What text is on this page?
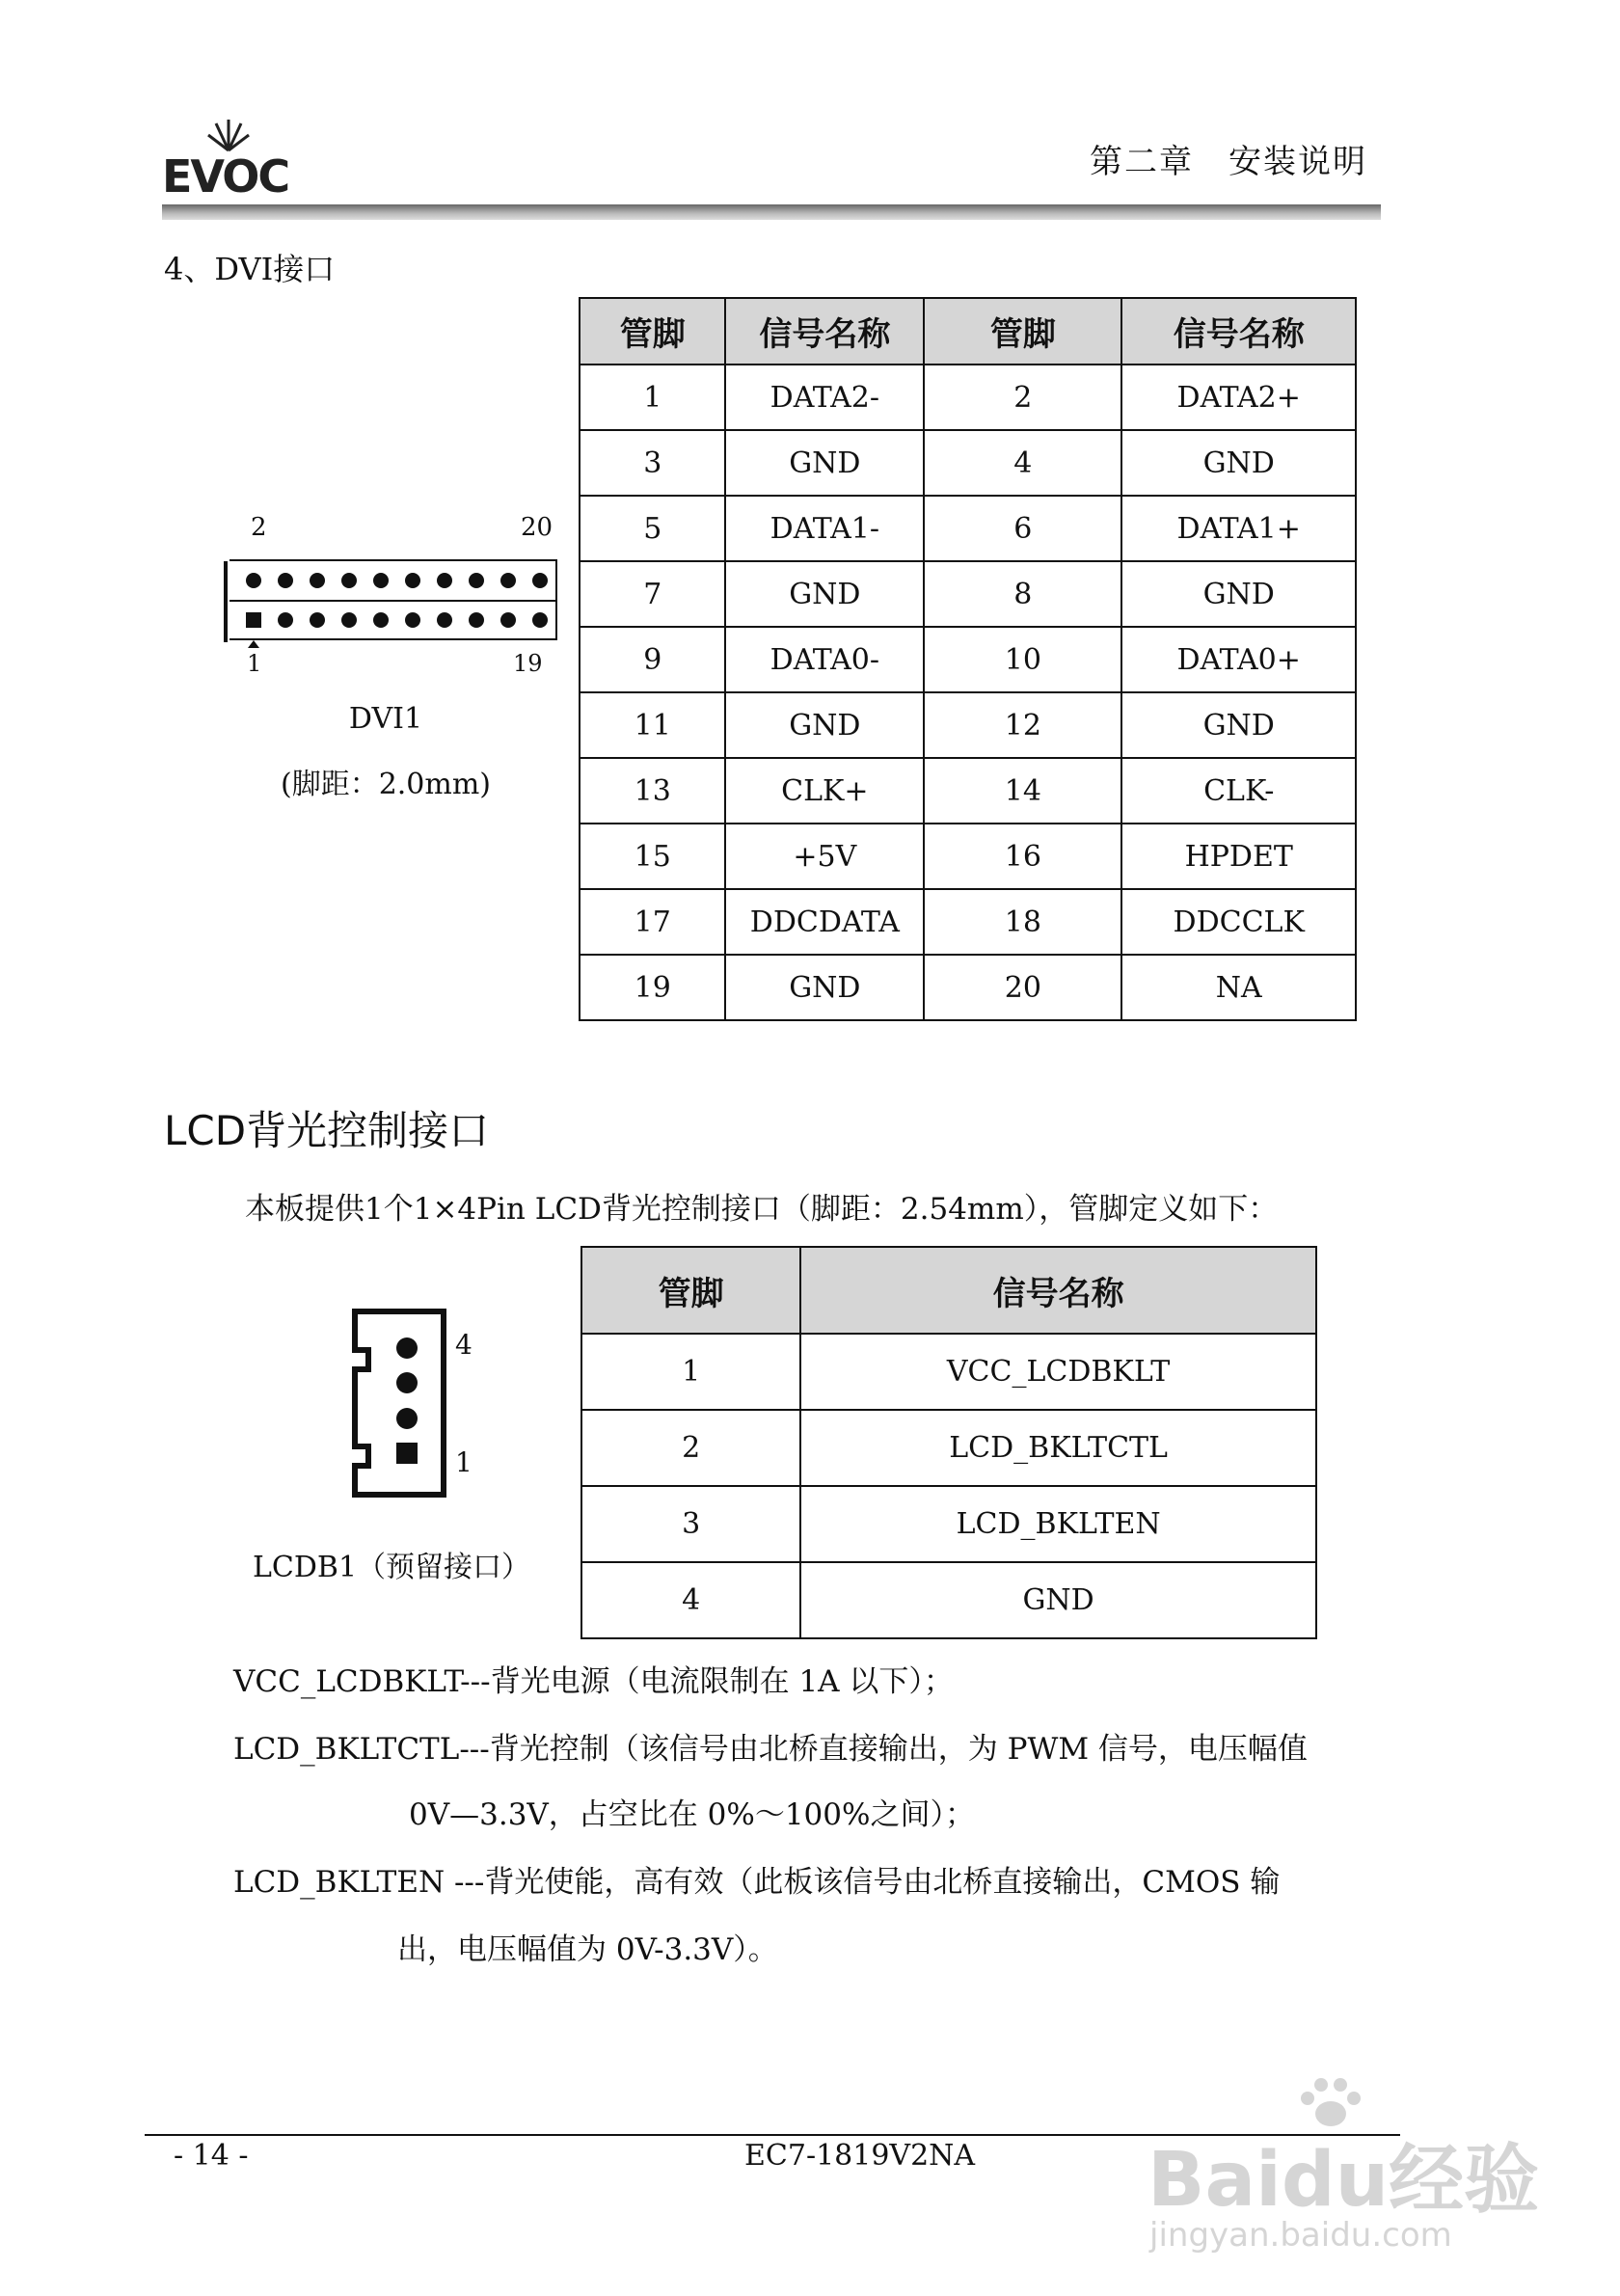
EVOC	第二章　安装说明
4、DVI接口
2	20
1	19
DVI1
(脚距：2.0mm)
管脚	信号名称	管脚	信号名称
1	DATA2-	2	DATA2+
3	GND	4	GND
5	DATA1-	6	DATA1+
7	GND	8	GND
9	DATA0-	10	DATA0+
11	GND	12	GND
13	CLK+	14	CLK-
15	+5V	16	HPDET
17	DDCDATA	18	DDCCLK
19	GND	20	NA
LCD背光控制接口
本板提供1个1×4Pin LCD背光控制接口（脚距：2.54mm），管脚定义如下：
4
1
LCDB1（预留接口）
管脚	信号名称
1	VCC_LCDBKLT
2	LCD_BKLTCTL
3	LCD_BKLTEN
4	GND
VCC_LCDBKLT---背光电源（电流限制在 1A 以下）；
LCD_BKLTCTL---背光控制（该信号由北桥直接输出，为 PWM 信号，电压幅值
0V—3.3V，占空比在 0%～100%之间）；
LCD_BKLTEN ---背光使能，高有效（此板该信号由北桥直接输出，CMOS 输
出，电压幅值为 0V-3.3V）。
- 14 -	EC7-1819V2NA Baidu经验
jingyan.baidu.com
